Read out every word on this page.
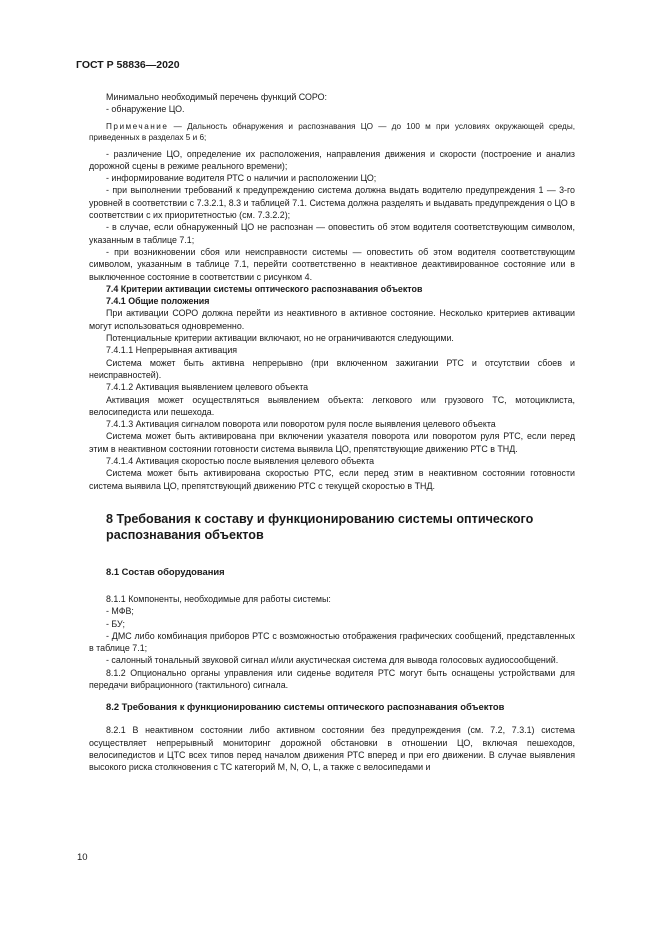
ГОСТ Р 58836—2020

Минимально необходимый перечень функций СОРО:

- обнаружение ЦО.

Примечание — Дальность обнаружения и распознавания ЦО — до 100 м при условиях окружающей среды, приведенных в разделах 5 и 6;

- различение ЦО, определение их расположения, направления движения и скорости (построение и анализ дорожной сцены в режиме реального времени);

- информирование водителя РТС о наличии и расположении ЦО;

- при выполнении требований к предупреждению система должна выдать водителю предупреждения 1 — 3-го уровней в соответствии с 7.3.2.1, 8.3 и таблицей 7.1. Система должна разделять и выдавать предупреждения о ЦО в соответствии с их приоритетностью (см. 7.3.2.2);

- в случае, если обнаруженный ЦО не распознан — оповестить об этом водителя соответствующим символом, указанным в таблице 7.1;

- при возникновении сбоя или неисправности системы — оповестить об этом водителя соответствующим символом, указанным в таблице 7.1, перейти соответственно в неактивное деактивированное состояние или в выключенное состояние в соответствии с рисунком 4.

7.4 Критерии активации системы оптического распознавания объектов

7.4.1 Общие положения

При активации СОРО должна перейти из неактивного в активное состояние. Несколько критериев активации могут использоваться одновременно.

Потенциальные критерии активации включают, но не ограничиваются следующими.

7.4.1.1 Непрерывная активация

Система может быть активна непрерывно (при включенном зажигании РТС и отсутствии сбоев и неисправностей).

7.4.1.2 Активация выявлением целевого объекта

Активация может осуществляться выявлением объекта: легкового или грузового ТС, мотоциклиста, велосипедиста или пешехода.

7.4.1.3 Активация сигналом поворота или поворотом руля после выявления целевого объекта

Система может быть активирована при включении указателя поворота или поворотом руля РТС, если перед этим в неактивном состоянии готовности система выявила ЦО, препятствующие движению РТС в ТНД.

7.4.1.4 Активация скоростью после выявления целевого объекта

Система может быть активирована скоростью РТС, если перед этим в неактивном состоянии готовности система выявила ЦО, препятствующий движению РТС с текущей скоростью в ТНД.

8 Требования к составу и функционированию системы оптического распознавания объектов
8.1 Состав оборудования

8.1.1 Компоненты, необходимые для работы системы:

- МФВ;

- БУ;

- ДМС либо комбинация приборов РТС с возможностью отображения графических сообщений, представленных в таблице 7.1;

- салонный тональный звуковой сигнал и/или акустическая система для вывода голосовых аудиосообщений.

8.1.2 Опционально органы управления или сиденье водителя РТС могут быть оснащены устройствами для передачи вибрационного (тактильного) сигнала.

8.2 Требования к функционированию системы оптического распознавания объектов

8.2.1 В неактивном состоянии либо активном состоянии без предупреждения (см. 7.2, 7.3.1) система осуществляет непрерывный мониторинг дорожной обстановки в отношении ЦО, включая пешеходов, велосипедистов и ЦТС всех типов перед началом движения РТС вперед и при его движении. В случае выявления высокого риска столкновения с ТС категорий M, N, O, L, а также с велосипедами и

10
